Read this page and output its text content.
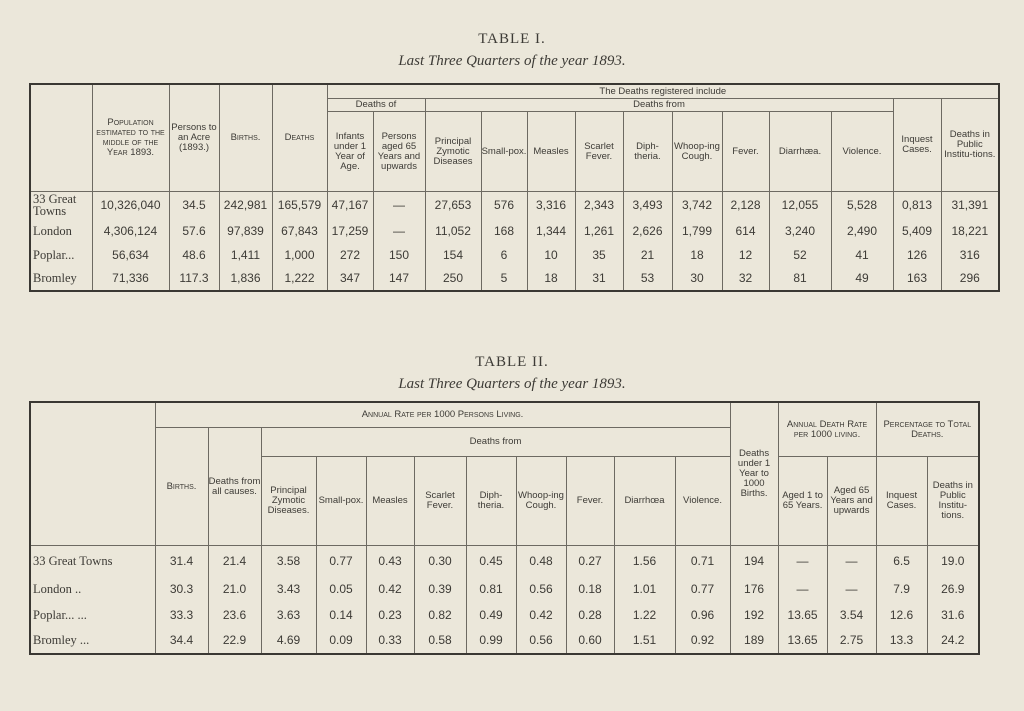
TABLE I.
Last Three Quarters of the year 1893.
	Population estimated to the middle of the Year 1893.	Persons to an Acre (1893.)	Births.	Deaths	The Deaths registered include												
					Deaths of		Deaths from									Inquest Cases.	Deaths in Public Institu-tions.
					Infants under 1 Year of Age.	Persons aged 65 Years and upwards	Principal Zymotic Diseases	Small-pox.	Measles	Scarlet Fever.	Diph-theria.	Whoop-ing Cough.	Fever.	Diarrhæa.	Violence.		
33 Great Towns	10,326,040	34.5	242,981	165,579	47,167	—	27,653	576	3,316	2,343	3,493	3,742	2,128	12,055	5,528	0,813	31,391
London	4,306,124	57.6	97,839	67,843	17,259	—	11,052	168	1,344	1,261	2,626	1,799	614	3,240	2,490	5,409	18,221
Poplar...	56,634	48.6	1,411	1,000	272	150	154	6	10	35	21	18	12	52	41	126	316
Bromley	71,336	117.3	1,836	1,222	347	147	250	5	18	31	53	30	32	81	49	163	296
TABLE II.
Last Three Quarters of the year 1893.
	Annual Rate per 1000 Persons Living.											Deaths under 1 Year to 1000 Births.	Annual Death Rate per 1000 living.		Percentage to Total Deaths.	
	Births.	Deaths from all causes.	Deaths from													
			Principal Zymotic Diseases.	Small-pox.	Measles	Scarlet Fever.	Diph-theria.	Whoop-ing Cough.	Fever.	Diarrhœa	Violence.		Aged 1 to 65 Years.	Aged 65 Years and upwards	Inquest Cases.	Deaths in Public Institu-tions.
33 Great Towns	31.4	21.4	3.58	0.77	0.43	0.30	0.45	0.48	0.27	1.56	0.71	194	—	—	6.5	19.0
London ..	30.3	21.0	3.43	0.05	0.42	0.39	0.81	0.56	0.18	1.01	0.77	176	—	—	7.9	26.9
Poplar... ...	33.3	23.6	3.63	0.14	0.23	0.82	0.49	0.42	0.28	1.22	0.96	192	13.65	3.54	12.6	31.6
Bromley ...	34.4	22.9	4.69	0.09	0.33	0.58	0.99	0.56	0.60	1.51	0.92	189	13.65	2.75	13.3	24.2
